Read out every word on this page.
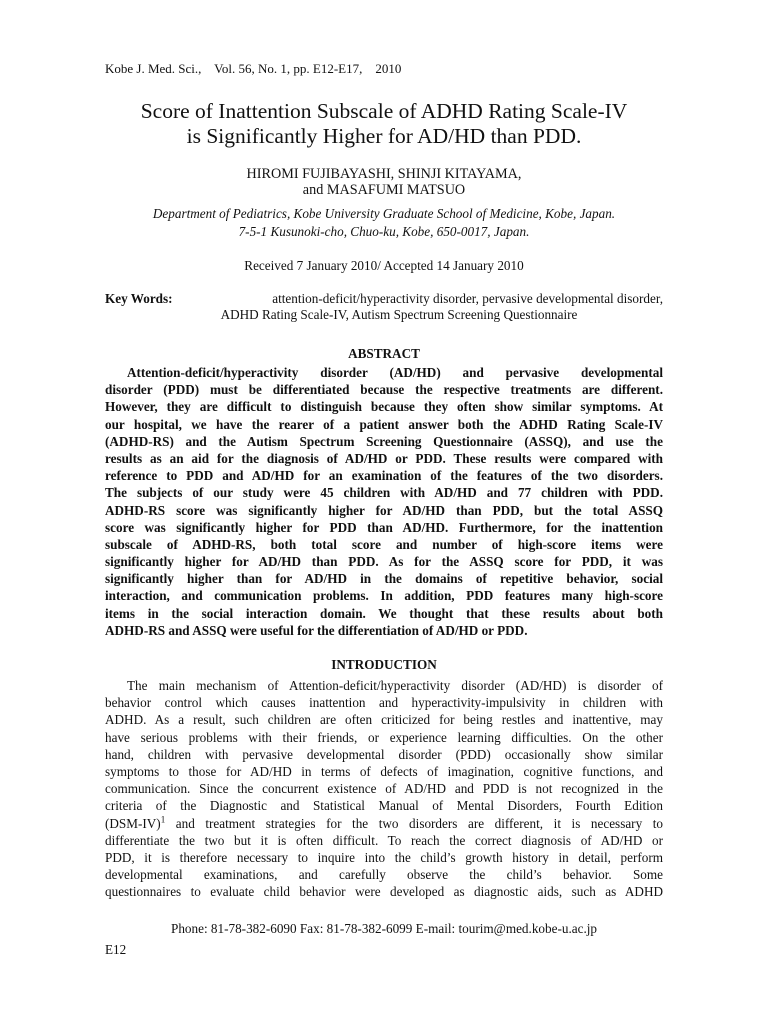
Kobe J. Med. Sci.,    Vol. 56, No. 1, pp. E12-E17,    2010
Score of Inattention Subscale of ADHD Rating Scale-IV
is Significantly Higher for AD/HD than PDD.
HIROMI FUJIBAYASHI, SHINJI KITAYAMA,
and MASAFUMI MATSUO
Department of Pediatrics, Kobe University Graduate School of Medicine, Kobe, Japan.
7-5-1 Kusunoki-cho, Chuo-ku, Kobe, 650-0017, Japan.
Received 7 January 2010/ Accepted 14 January 2010
Key Words:	attention-deficit/hyperactivity disorder, pervasive developmental disorder,
ADHD Rating Scale-IV, Autism Spectrum Screening Questionnaire
ABSTRACT
Attention-deficit/hyperactivity disorder (AD/HD) and pervasive developmental
disorder (PDD) must be differentiated because the respective treatments are different.
However, they are difficult to distinguish because they often show similar symptoms. At
our hospital, we have the rearer of a patient answer both the ADHD Rating Scale-IV
(ADHD-RS) and the Autism Spectrum Screening Questionnaire (ASSQ), and use the
results as an aid for the diagnosis of AD/HD or PDD. These results were compared with
reference to PDD and AD/HD for an examination of the features of the two disorders.
The subjects of our study were 45 children with AD/HD and 77 children with PDD.
ADHD-RS score was significantly higher for AD/HD than PDD, but the total ASSQ
score was significantly higher for PDD than AD/HD. Furthermore, for the inattention
subscale of ADHD-RS, both total score and number of high-score items were
significantly higher for AD/HD than PDD. As for the ASSQ score for PDD, it was
significantly higher than for AD/HD in the domains of repetitive behavior, social
interaction, and communication problems. In addition, PDD features many high-score
items in the social interaction domain. We thought that these results about both
ADHD-RS and ASSQ were useful for the differentiation of AD/HD or PDD.
INTRODUCTION
The main mechanism of Attention-deficit/hyperactivity disorder (AD/HD) is disorder of
behavior control which causes inattention and hyperactivity-impulsivity in children with
ADHD. As a result, such children are often criticized for being restles and inattentive, may
have serious problems with their friends, or experience learning difficulties. On the other
hand, children with pervasive developmental disorder (PDD) occasionally show similar
symptoms to those for AD/HD in terms of defects of imagination, cognitive functions, and
communication. Since the concurrent existence of AD/HD and PDD is not recognized in the
criteria of the Diagnostic and Statistical Manual of Mental Disorders, Fourth Edition
$(DSM-IV)^1$ and treatment strategies for the two disorders are different, it is necessary to
differentiate the two but it is often difficult. To reach the correct diagnosis of AD/HD or
PDD, it is therefore necessary to inquire into the child’s growth history in detail, perform
developmental examinations, and carefully observe the child’s behavior. Some
questionnaires to evaluate child behavior were developed as diagnostic aids, such as ADHD
Phone: 81-78-382-6090 Fax: 81-78-382-6099 E-mail: tourim@med.kobe-u.ac.jp
E12
